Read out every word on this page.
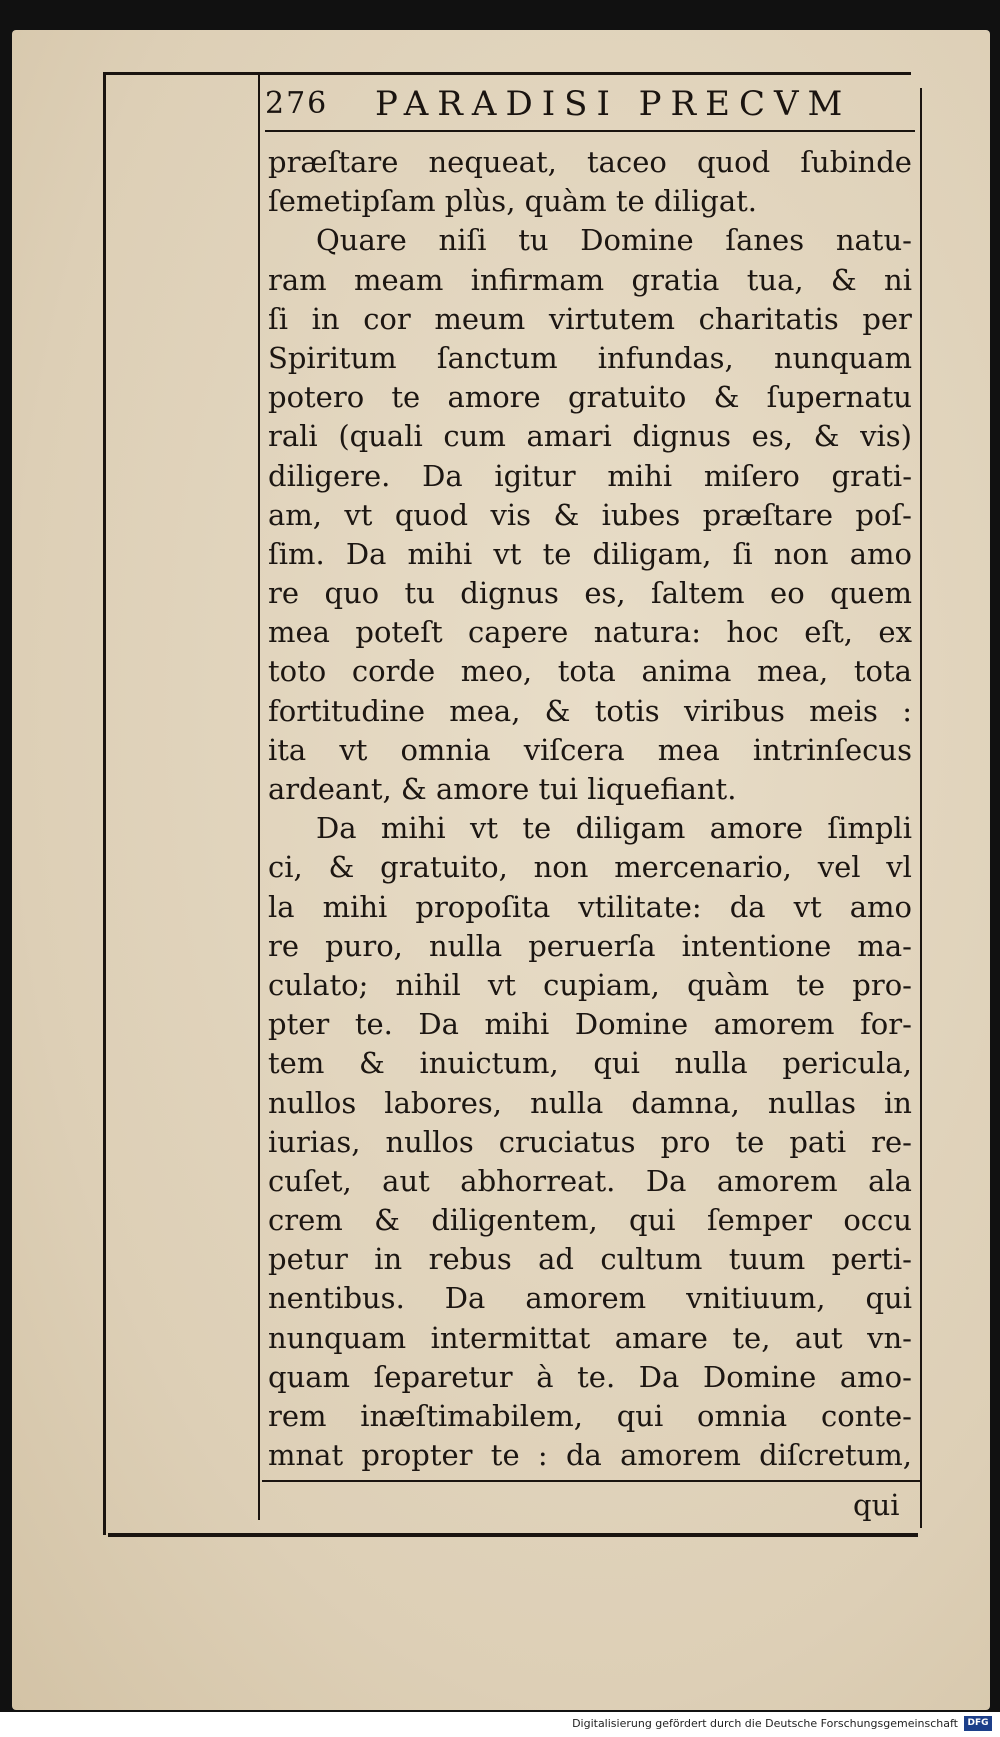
276 PARADISI PRECVM
præſtare nequeat, taceo quod ſubinde
ſemetipſam plùs, quàm te diligat.
Quare niſi tu Domine ſanes natu-
ram meam infirmam gratia tua, & ni
ſi in cor meum virtutem charitatis per
Spiritum ſanctum infundas, nunquam
potero te amore gratuito & ſupernatu
rali (quali cum amari dignus es, & vis)
diligere. Da igitur mihi miſero grati-
am, vt quod vis & iubes præſtare poſ-
ſim. Da mihi vt te diligam, ſi non amo
re quo tu dignus es, ſaltem eo quem
mea poteſt capere natura: hoc eſt, ex
toto corde meo, tota anima mea, tota
fortitudine mea, & totis viribus meis :
ita vt omnia viſcera mea intrinſecus
ardeant, & amore tui liquefiant.
Da mihi vt te diligam amore ſimpli
ci, & gratuito, non mercenario, vel vl
la mihi propoſita vtilitate: da vt amo
re puro, nulla peruerſa intentione ma-
culato; nihil vt cupiam, quàm te pro-
pter te. Da mihi Domine amorem for-
tem & inuictum, qui nulla pericula,
nullos labores, nulla damna, nullas in
iurias, nullos cruciatus pro te pati re-
cuſet, aut abhorreat. Da amorem ala
crem & diligentem, qui ſemper occu
petur in rebus ad cultum tuum perti-
nentibus. Da amorem vnitiuum, qui
nunquam intermittat amare te, aut vn-
quam ſeparetur à te. Da Domine amo-
rem inæſtimabilem, qui omnia conte-
mnat propter te : da amorem diſcretum,
qui
Digitalisierung gefördert durch die Deutsche Forschungsgemeinschaft	DFG
